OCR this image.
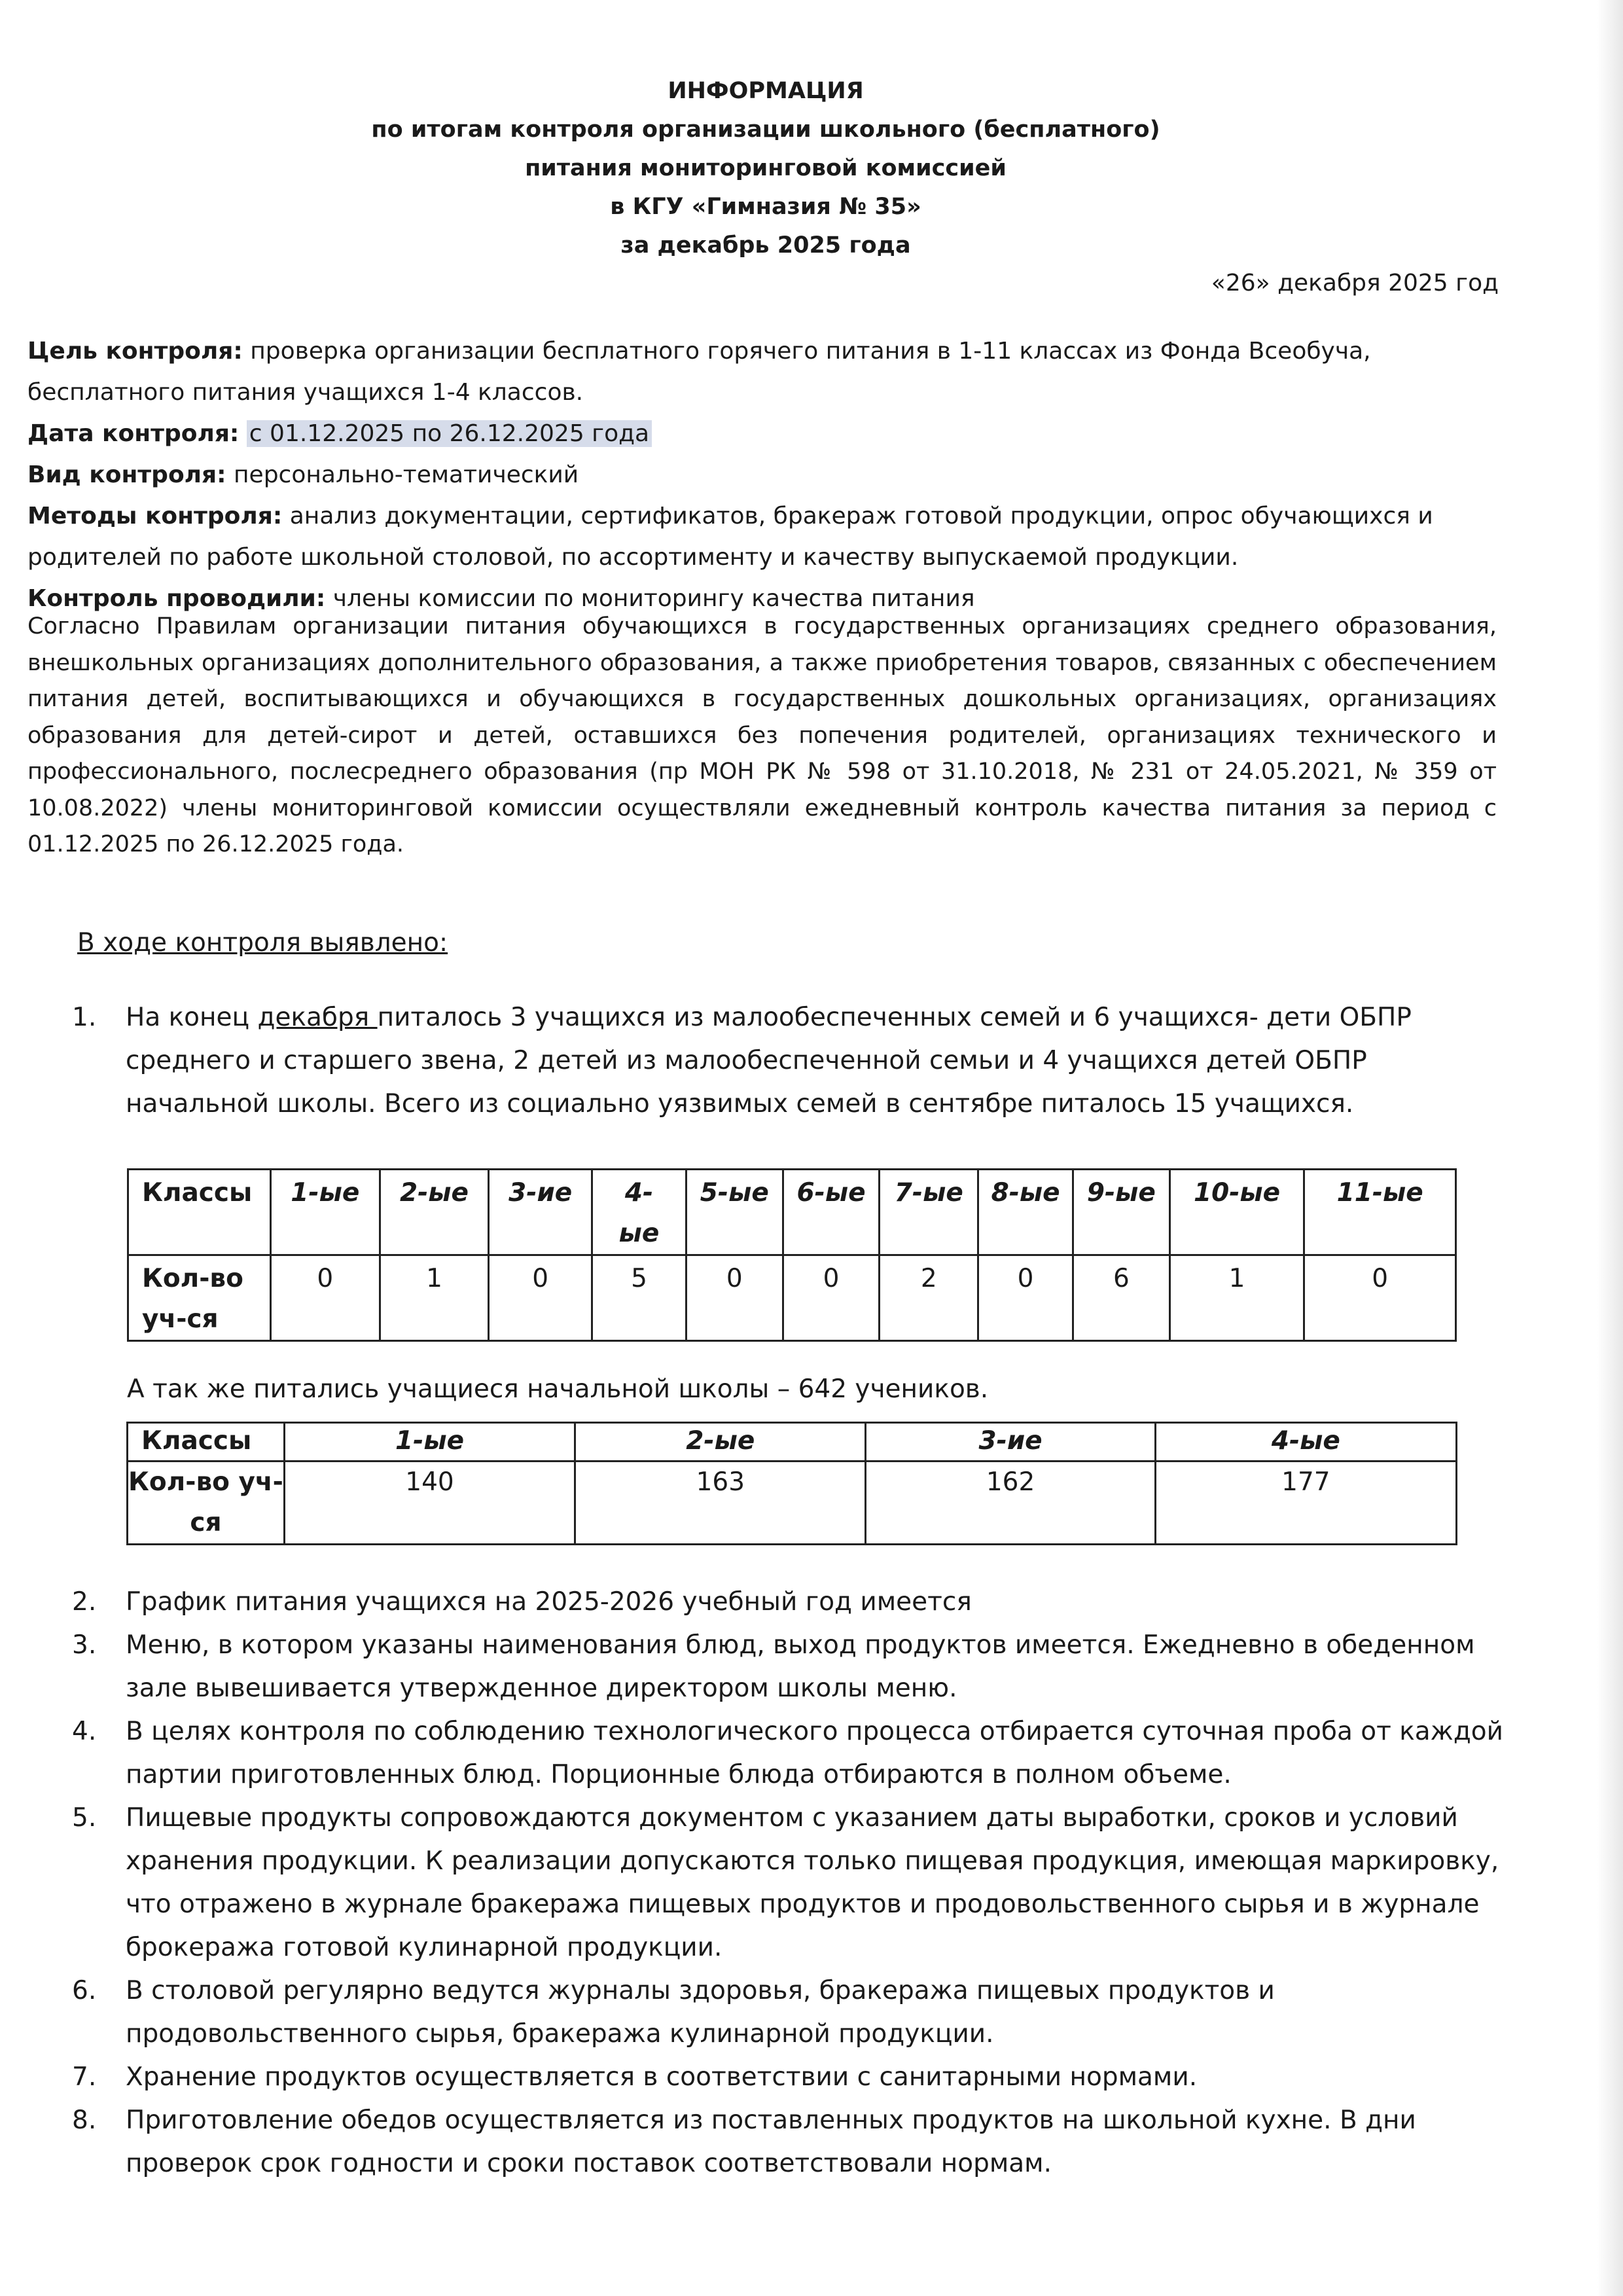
ИНФОРМАЦИЯ
по итогам контроля организации школьного (бесплатного)
питания мониторинговой комиссией
в КГУ «Гимназия № 35»
за декабрь 2025 года
«26» декабря 2025 год

Цель контроля: проверка организации бесплатного горячего питания в 1-11 классах из Фонда Всеобуча, бесплатного питания учащихся 1-4 классов.

Дата контроля: с 01.12.2025 по 26.12.2025 года

Вид контроля: персонально-тематический

Методы контроля: анализ документации, сертификатов, бракераж готовой продукции, опрос обучающихся и родителей по работе школьной столовой, по ассортименту и качеству выпускаемой продукции.

Контроль проводили: члены комиссии по мониторингу качества питания

Согласно Правилам организации питания обучающихся в государственных организациях среднего образования, внешкольных организациях дополнительного образования, а также приобретения товаров, связанных с обеспечением питания детей, воспитывающихся и обучающихся в государственных дошкольных организациях, организациях образования для детей-сирот и детей, оставшихся без попечения родителей, организациях технического и профессионального, послесреднего образования (пр МОН РК № 598 от 31.10.2018, № 231 от 24.05.2021, № 359 от 10.08.2022) члены мониторинговой комиссии осуществляли ежедневный контроль качества питания за период с 01.12.2025 по 26.12.2025 года.
В ходе контроля выявлено:
1.	На конец декабря питалось 3 учащихся из малообеспеченных семей и 6 учащихся- дети ОБПР среднего и старшего звена, 2 детей из малообеспеченной семьи и 4 учащихся детей ОБПР начальной школы. Всего из социально уязвимых семей в сентябре питалось 15 учащихся.
Классы	1-ые	2-ые	3-ие	4-ые	5-ые	6-ые	7-ые	8-ые	9-ые	10-ые	11-ые
Кол-во уч-ся	0	1	0	5	0	0	2	0	6	1	0
А так же питались учащиеся начальной школы – 642 учеников.
Классы	1-ые	2-ые	3-ие	4-ые
Кол-во уч-ся	140	163	162	177
2.	График питания учащихся на 2025-2026 учебный год имеется
3.	Меню, в котором указаны наименования блюд, выход продуктов имеется. Ежедневно в обеденном зале вывешивается утвержденное директором школы меню.
4.	В целях контроля по соблюдению технологического процесса отбирается суточная проба от каждой партии приготовленных блюд. Порционные блюда отбираются в полном объеме.
5.	Пищевые продукты сопровождаются документом с указанием даты выработки, сроков и условий хранения продукции. К реализации допускаются только пищевая продукция, имеющая маркировку, что отражено в журнале бракеража пищевых продуктов и продовольственного сырья и в журнале брокеража готовой кулинарной продукции.
6.	В столовой регулярно ведутся журналы здоровья, бракеража пищевых продуктов и продовольственного сырья, бракеража кулинарной продукции.
7.	Хранение продуктов осуществляется в соответствии с санитарными нормами.
8.	Приготовление обедов осуществляется из поставленных продуктов на школьной кухне. В дни проверок срок годности и сроки поставок соответствовали нормам.
